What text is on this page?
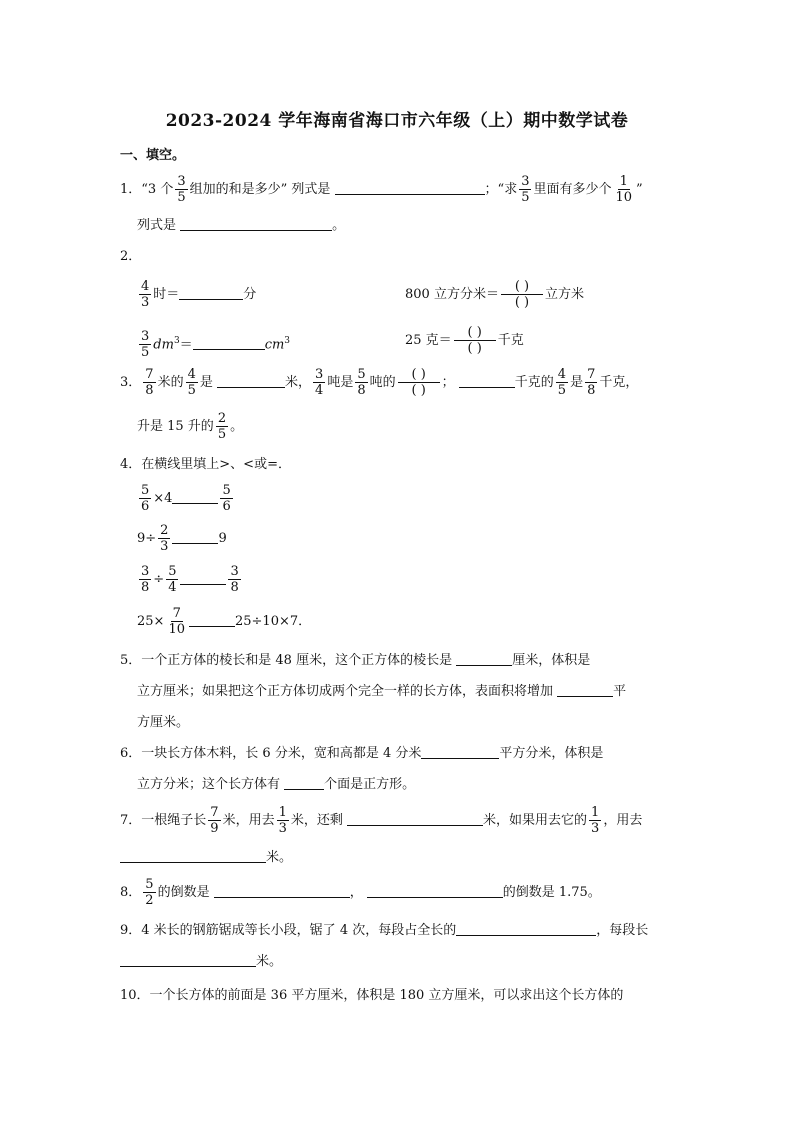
2023-2024 学年海南省海口市六年级（上）期中数学试卷
一、填空。
1．“3 个 $\frac{3}{5}$ 组加的和是多少” 列式是	；“求 $\frac{3}{5}$ 里面有多少个 $\frac{1}{10}$ ”
列式是	。
2．
$\frac{4}{3}$ 时＝	分	800 立方分米＝ $\frac{( )}{( )}$ 立方米
$\frac{3}{5} dm^3=$	$cm^3$	25 克＝ $\frac{( )}{( )}$ 千克
3． $\frac{7}{8}$ 米的 $\frac{4}{5}$ 是	米， $\frac{3}{4}$ 吨是 $\frac{5}{8}$ 吨的 $\frac{( )}{( )}$ ；	千克的 $\frac{4}{5}$ 是 $\frac{7}{8}$ 千克，
升是 15 升的 $\frac{2}{5}$ 。
4．在横线里填上>、<或=．
$\frac{5}{6} \times 4$	$\frac{5}{6}$
$9\div \frac{2}{3}$	9
$\frac{3}{8} \div \frac{5}{4}$	$\frac{3}{8}$
$25\times \frac{7}{10}$	25÷10×7．
5．一个正方体的棱长和是 48 厘米，这个正方体的棱长是	厘米，体积是
立方厘米；如果把这个正方体切成两个完全一样的长方体，表面积将增加	平
方厘米。
6．一块长方体木料，长 6 分米，宽和高都是 4 分米	平方分米，体积是
立方分米；这个长方体有	个面是正方形。
7．一根绳子长 $\frac{7}{9}$ 米，用去 $\frac{1}{3}$ 米，还剩	米，如果用去它的 $\frac{1}{3}$ ，用去
米。
8． $\frac{5}{2}$ 的倒数是	，	的倒数是 1.75。
9．4 米长的钢筋锯成等长小段，锯了 4 次，每段占全长的	，每段长
米。
10．一个长方体的前面是 36 平方厘米，体积是 180 立方厘米，可以求出这个长方体的
